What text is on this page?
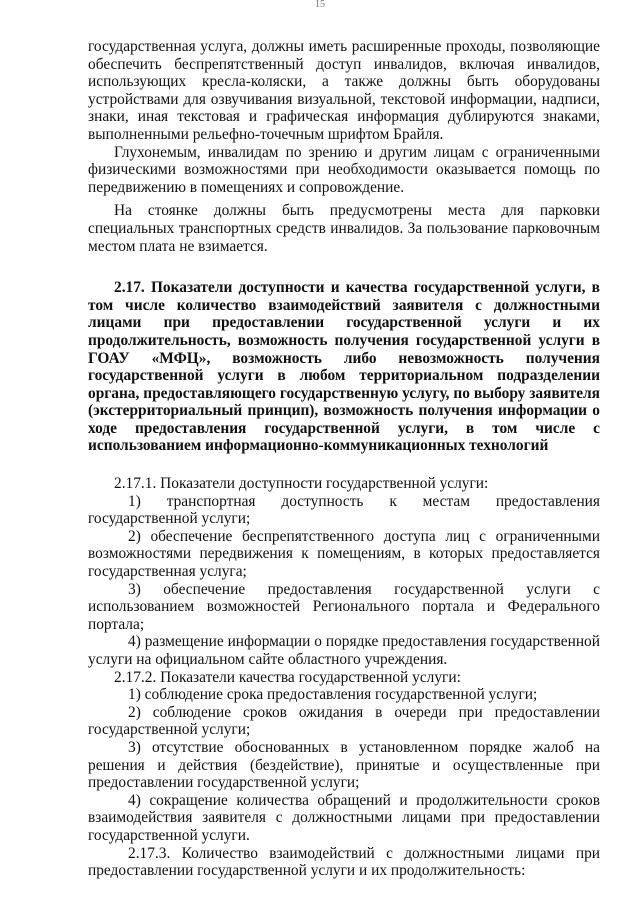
15

государственная услуга, должны иметь расширенные проходы, позволяющие обеспечить беспрепятственный доступ инвалидов, включая инвалидов, использующих кресла-коляски, а также должны быть оборудованы устройствами для озвучивания визуальной, текстовой информации, надписи, знаки, иная текстовая и графическая информация дублируются знаками, выполненными рельефно-точечным шрифтом Брайля.

Глухонемым, инвалидам по зрению и другим лицам с ограниченными физическими возможностями при необходимости оказывается помощь по передвижению в помещениях и сопровождение.

На стоянке должны быть предусмотрены места для парковки специальных транспортных средств инвалидов. За пользование парковочным местом плата не взимается.

2.17. Показатели доступности и качества государственной услуги, в том числе количество взаимодействий заявителя с должностными лицами при предоставлении государственной услуги и их продолжительность, возможность получения государственной услуги в ГОАУ «МФЦ», возможность либо невозможность получения государственной услуги в любом территориальном подразделении органа, предоставляющего государственную услугу, по выбору заявителя (экстерриториальный принцип), возможность получения информации о ходе предоставления государственной услуги, в том числе с использованием информационно-коммуникационных технологий

2.17.1. Показатели доступности государственной услуги:

1) транспортная доступность к местам предоставления государственной услуги;

2) обеспечение беспрепятственного доступа лиц с ограниченными возможностями передвижения к помещениям, в которых предоставляется государственная услуга;

3) обеспечение предоставления государственной услуги с использованием возможностей Регионального портала и Федерального портала;

4) размещение информации о порядке предоставления государственной услуги на официальном сайте областного учреждения.

2.17.2. Показатели качества государственной услуги:

1) соблюдение срока предоставления государственной услуги;

2) соблюдение сроков ожидания в очереди при предоставлении государственной услуги;

3) отсутствие обоснованных в установленном порядке жалоб на решения и действия (бездействие), принятые и осуществленные при предоставлении государственной услуги;

4) сокращение количества обращений и продолжительности сроков взаимодействия заявителя с должностными лицами при предоставлении государственной услуги.

2.17.3. Количество взаимодействий с должностными лицами при предоставлении государственной услуги и их продолжительность:
